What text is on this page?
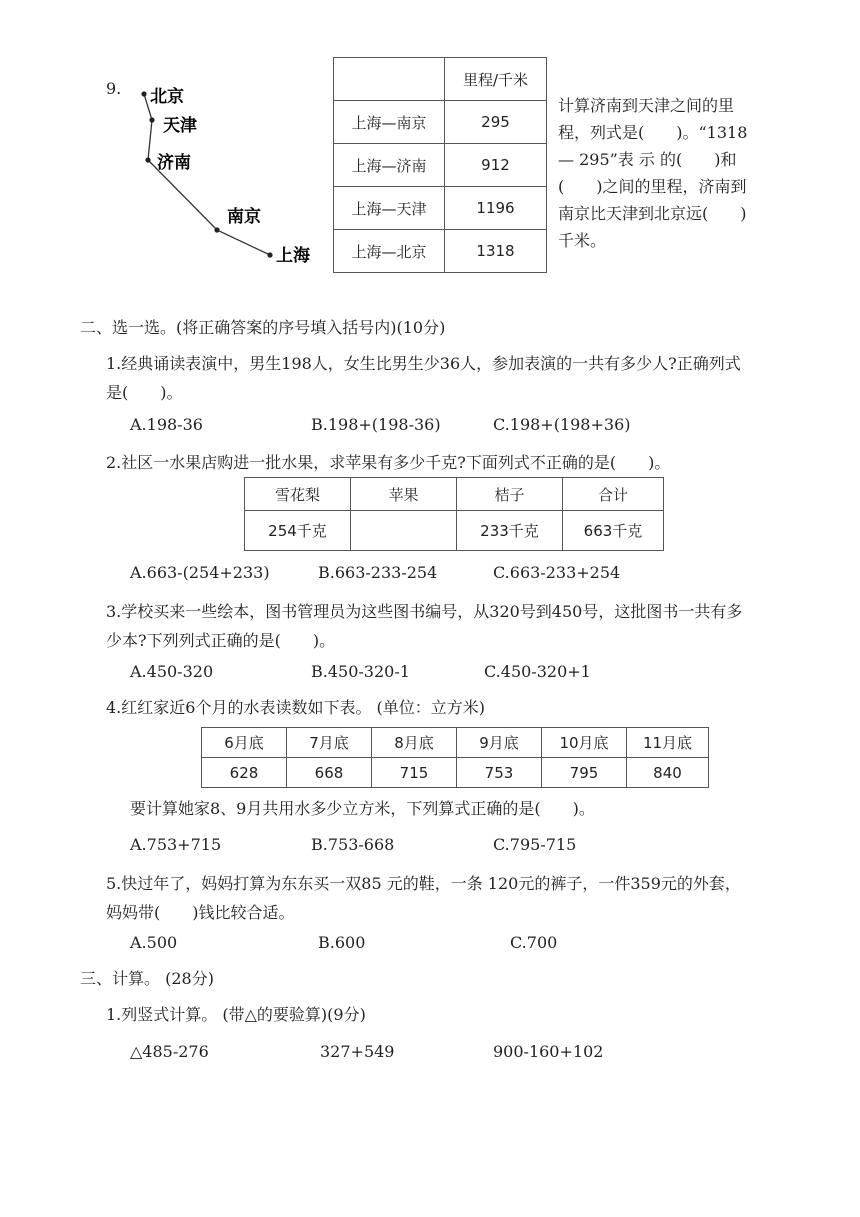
9. 北京
天津
济南
南京
上海
	里程/千米
上海—南京	295
上海—济南	912
上海—天津	1196
上海—北京	1318
计算济南到天津之间的里
程，列式是(　　)。“1318
— 295”表 示 的(　　)和
(　　)之间的里程，济南到
南京比天津到北京远(　　)
千米。
二、选一选。(将正确答案的序号填入括号内)(10分)
1.经典诵读表演中，男生198人，女生比男生少36人，参加表演的一共有多少人?正确列式
是(　　)。
A.198-36	B.198+(198-36)	C.198+(198+36)
2.社区一水果店购进一批水果，求苹果有多少千克?下面列式不正确的是(　　)。
雪花梨	苹果	桔子	合计
254千克		233千克	663千克
A.663-(254+233)	B.663-233-254	C.663-233+254
3.学校买来一些绘本，图书管理员为这些图书编号，从320号到450号，这批图书一共有多
少本?下列列式正确的是(　　)。
A.450-320	B.450-320-1	C.450-320+1
4.红红家近6个月的水表读数如下表。 (单位：立方米)
6月底	7月底	8月底	9月底	10月底	11月底
628	668	715	753	795	840
要计算她家8、9月共用水多少立方米，下列算式正确的是(　　)。
A.753+715	B.753-668	C.795-715
5.快过年了，妈妈打算为东东买一双85 元的鞋，一条 120元的裤子，一件359元的外套，
妈妈带(　　)钱比较合适。
A.500	B.600	C.700
三、计算。 (28分)
1.列竖式计算。 (带△的要验算)(9分)
△485-276	327+549	900-160+102
